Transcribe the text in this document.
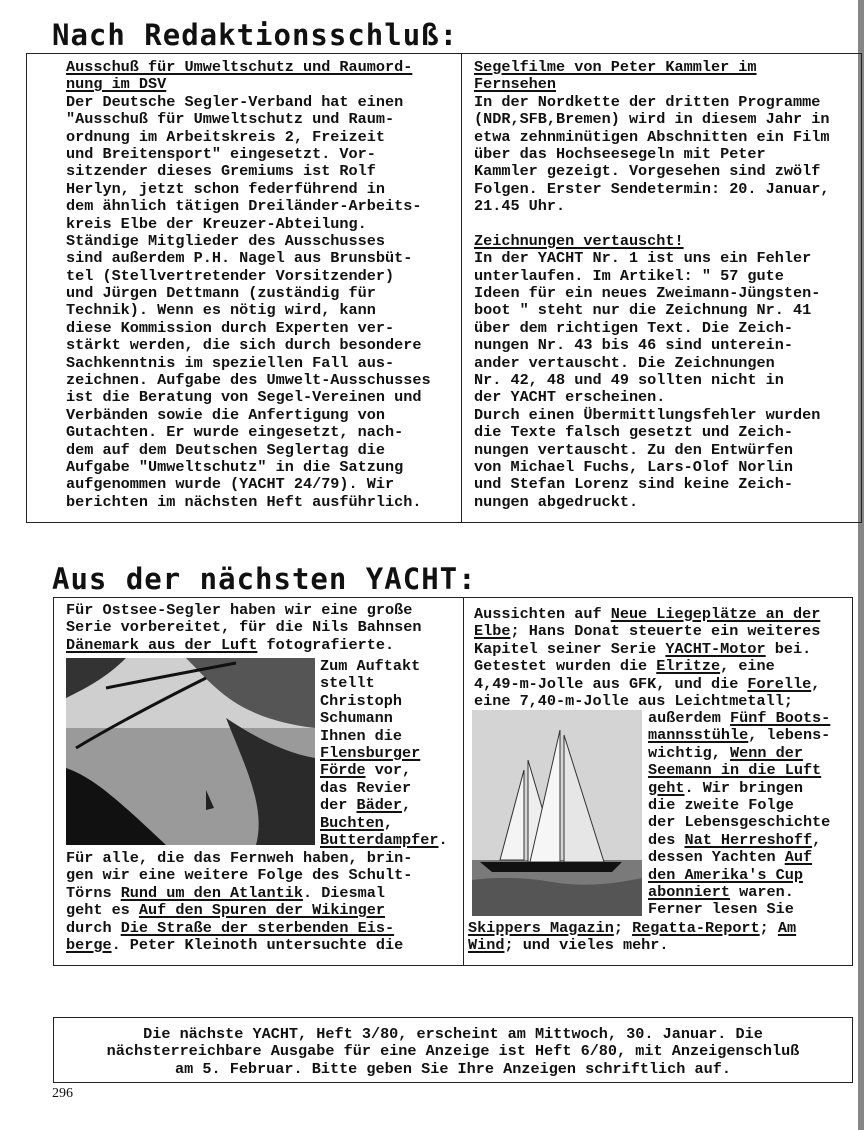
Nach Redaktionsschluß:
Ausschuß für Umweltschutz und Raumord-
nung im DSV
Der Deutsche Segler-Verband hat einen
"Ausschuß für Umweltschutz und Raum-
ordnung im Arbeitskreis 2, Freizeit
und Breitensport" eingesetzt. Vor-
sitzender dieses Gremiums ist Rolf
Herlyn, jetzt schon federführend in
dem ähnlich tätigen Dreiländer-Arbeits-
kreis Elbe der Kreuzer-Abteilung.
Ständige Mitglieder des Ausschusses
sind außerdem P.H. Nagel aus Brunsbüt-
tel (Stellvertretender Vorsitzender)
und Jürgen Dettmann (zuständig für
Technik). Wenn es nötig wird, kann
diese Kommission durch Experten ver-
stärkt werden, die sich durch besondere
Sachkenntnis im speziellen Fall aus-
zeichnen. Aufgabe des Umwelt-Ausschusses
ist die Beratung von Segel-Vereinen und
Verbänden sowie die Anfertigung von
Gutachten. Er wurde eingesetzt, nach-
dem auf dem Deutschen Seglertag die
Aufgabe "Umweltschutz" in die Satzung
aufgenommen wurde (YACHT 24/79). Wir
berichten im nächsten Heft ausführlich.
Segelfilme von Peter Kammler im
Fernsehen
In der Nordkette der dritten Programme
(NDR,SFB,Bremen) wird in diesem Jahr in
etwa zehnminütigen Abschnitten ein Film
über das Hochseesegeln mit Peter
Kammler gezeigt. Vorgesehen sind zwölf
Folgen. Erster Sendetermin: 20. Januar,
21.45 Uhr.
Zeichnungen vertauscht!
In der YACHT Nr. 1 ist uns ein Fehler
unterlaufen. Im Artikel: " 57 gute
Ideen für ein neues Zweimann-Jüngsten-
boot " steht nur die Zeichnung Nr. 41
über dem richtigen Text. Die Zeich-
nungen Nr. 43 bis 46 sind unterein-
ander vertauscht. Die Zeichnungen
Nr. 42, 48 und 49 sollten nicht in
der YACHT erscheinen.
Durch einen Übermittlungsfehler wurden
die Texte falsch gesetzt und Zeich-
nungen vertauscht. Zu den Entwürfen
von Michael Fuchs, Lars-Olof Norlin
und Stefan Lorenz sind keine Zeich-
nungen abgedruckt.
Aus der nächsten YACHT:
Für Ostsee-Segler haben wir eine große
Serie vorbereitet, für die Nils Bahnsen
Dänemark aus der Luft fotografierte.
Zum Auftakt
stellt
Christoph
Schumann
Ihnen die
Flensburger
Förde vor,
das Revier
der Bäder,
Buchten,
Butterdampfer.
Für alle, die das Fernweh haben, brin-
gen wir eine weitere Folge des Schult-
Törns Rund um den Atlantik. Diesmal
geht es Auf den Spuren der Wikinger
durch Die Straße der sterbenden Eis-
berge. Peter Kleinoth untersuchte die
Aussichten auf Neue Liegeplätze an der
Elbe; Hans Donat steuerte ein weiteres
Kapitel seiner Serie YACHT-Motor bei.
Getestet wurden die Elritze, eine
4,49-m-Jolle aus GFK, und die Forelle,
eine 7,40-m-Jolle aus Leichtmetall;
außerdem Fünf Boots-
mannsstühle, lebens-
wichtig, Wenn der
Seemann in die Luft
geht. Wir bringen
die zweite Folge
der Lebensgeschichte
des Nat Herreshoff,
dessen Yachten Auf
den Amerika's Cup
abonniert waren.
Ferner lesen Sie
Skippers Magazin; Regatta-Report; Am
Wind; und vieles mehr.
Die nächste YACHT, Heft 3/80, erscheint am Mittwoch, 30. Januar. Die
nächsterreichbare Ausgabe für eine Anzeige ist Heft 6/80, mit Anzeigenschluß
am 5. Februar. Bitte geben Sie Ihre Anzeigen schriftlich auf.
296
